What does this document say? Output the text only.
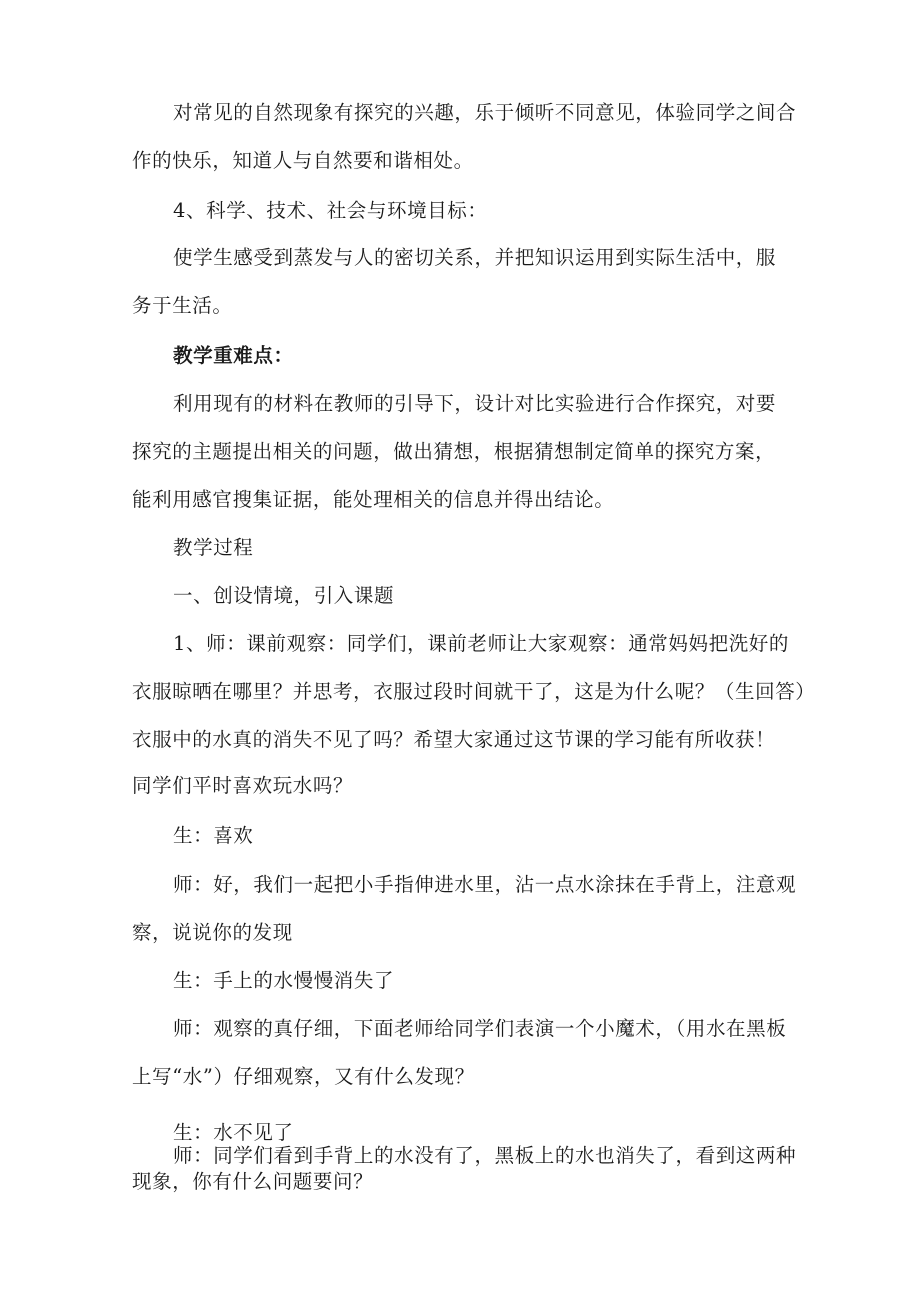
对常见的自然现象有探究的兴趣，乐于倾听不同意见，体验同学之间合
作的快乐，知道人与自然要和谐相处。
4、科学、技术、社会与环境目标：
使学生感受到蒸发与人的密切关系，并把知识运用到实际生活中，服
务于生活。
教学重难点：
利用现有的材料在教师的引导下，设计对比实验进行合作探究，对要
探究的主题提出相关的问题，做出猜想，根据猜想制定简单的探究方案，
能利用感官搜集证据，能处理相关的信息并得出结论。
教学过程
一、创设情境，引入课题
1、师：课前观察：同学们，课前老师让大家观察：通常妈妈把洗好的
衣服晾晒在哪里？并思考，衣服过段时间就干了，这是为什么呢？（生回答）
衣服中的水真的消失不见了吗？希望大家通过这节课的学习能有所收获！
同学们平时喜欢玩水吗？
生：喜欢
师：好，我们一起把小手指伸进水里，沾一点水涂抹在手背上，注意观
察，说说你的发现
生：手上的水慢慢消失了
师：观察的真仔细，下面老师给同学们表演一个小魔术，（用水在黑板
上写“水”）仔细观察，又有什么发现？
生：水不见了
师：同学们看到手背上的水没有了，黑板上的水也消失了，看到这两种
现象，你有什么问题要问？
